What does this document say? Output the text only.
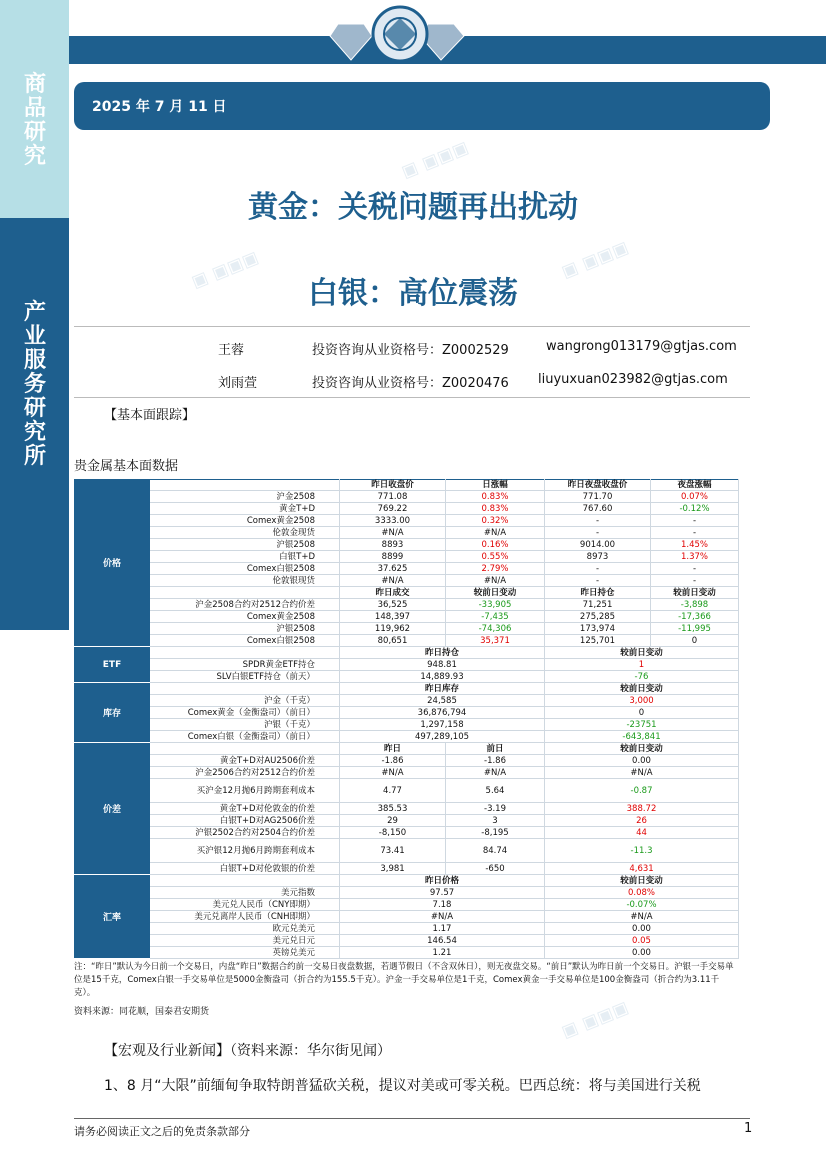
商
品
研
究
产
业
服
务
研
究
所
2025 年 7 月 11 日
▣ ▣▣▣
▣ ▣▣▣	▣ ▣▣▣
▣ ▣▣▣
黄金：关税问题再出扰动
白银：高位震荡
王蓉	投资咨询从业资格号：Z0002529	wangrong013179@gtjas.com
刘雨萱	投资咨询从业资格号：Z0020476 liuyuxuan023982@gtjas.com
【基本面跟踪】
贵金属基本面数据
昨日收盘价	日涨幅	昨日夜盘收盘价	夜盘涨幅
沪金2508	771.08	0.83%	771.70	0.07%
黄金T+D	769.22	0.83%	767.60	-0.12%
Comex黄金2508	3333.00	0.32%	-	-
伦敦金现货	#N/A	#N/A	-	-
沪银2508	8893	0.16%	9014.00	1.45%
白银T+D	8899	0.55%	8973	1.37%
Comex白银2508	37.625	2.79%	-	-
伦敦银现货	#N/A	#N/A	-	-
昨日成交	较前日变动	昨日持仓	较前日变动
沪金2508合约对2512合约价差	36,525	-33,905	71,251	-3,898
Comex黄金2508	148,397	-7,435	275,285	-17,366
沪银2508	119,962	-74,306	173,974	-11,995
Comex白银2508	80,651	35,371	125,701	0
价格
昨日持仓	较前日变动
SPDR黄金ETF持仓	948.81	1
SLV白银ETF持仓（前天）	14,889.93	-76
ETF
昨日库存	较前日变动
沪金（千克）	24,585	3,000
Comex黄金（金衡盎司）（前日）	36,876,794	0
沪银（千克）	1,297,158	-23751
Comex白银（金衡盎司）（前日）	497,289,105	-643,841
库存
昨日	前日	较前日变动
黄金T+D对AU2506价差	-1.86	-1.86	0.00
沪金2506合约对2512合约价差	#N/A	#N/A	#N/A
买沪金12月抛6月跨期套利成本	4.77	5.64	-0.87
黄金T+D对伦敦金的价差	385.53	-3.19	388.72
白银T+D对AG2506价差	29	3	26
沪银2502合约对2504合约价差	-8,150	-8,195	44
买沪银12月抛6月跨期套利成本	73.41	84.74	-11.3
白银T+D对伦敦银的价差	3,981	-650	4,631
价差
昨日价格	较前日变动
美元指数	97.57	0.08%
美元兑人民币（CNY即期）	7.18	-0.07%
美元兑离岸人民币（CNH即期）	#N/A	#N/A
欧元兑美元	1.17	0.00
美元兑日元	146.54	0.05
英镑兑美元	1.21	0.00
汇率
注：“昨日”默认为今日前一个交易日，内盘“昨日”数据合约前一交易日夜盘数据，若遇节假日（不含双休日），则无夜盘交易。“前日”默认为昨日前一个交易日。沪银一手交易单位是15千克，Comex白银一手交易单位是5000金衡盎司（折合约为155.5千克）。沪金一手交易单位是1千克，Comex黄金一手交易单位是100金衡盎司（折合约为3.11千克）。
资料来源：同花顺，国泰君安期货
【宏观及行业新闻】（资料来源：华尔街见闻）
1、8 月“大限”前缅甸争取特朗普猛砍关税，提议对美或可零关税。巴西总统：将与美国进行关税
请务必阅读正文之后的免责条款部分	1
